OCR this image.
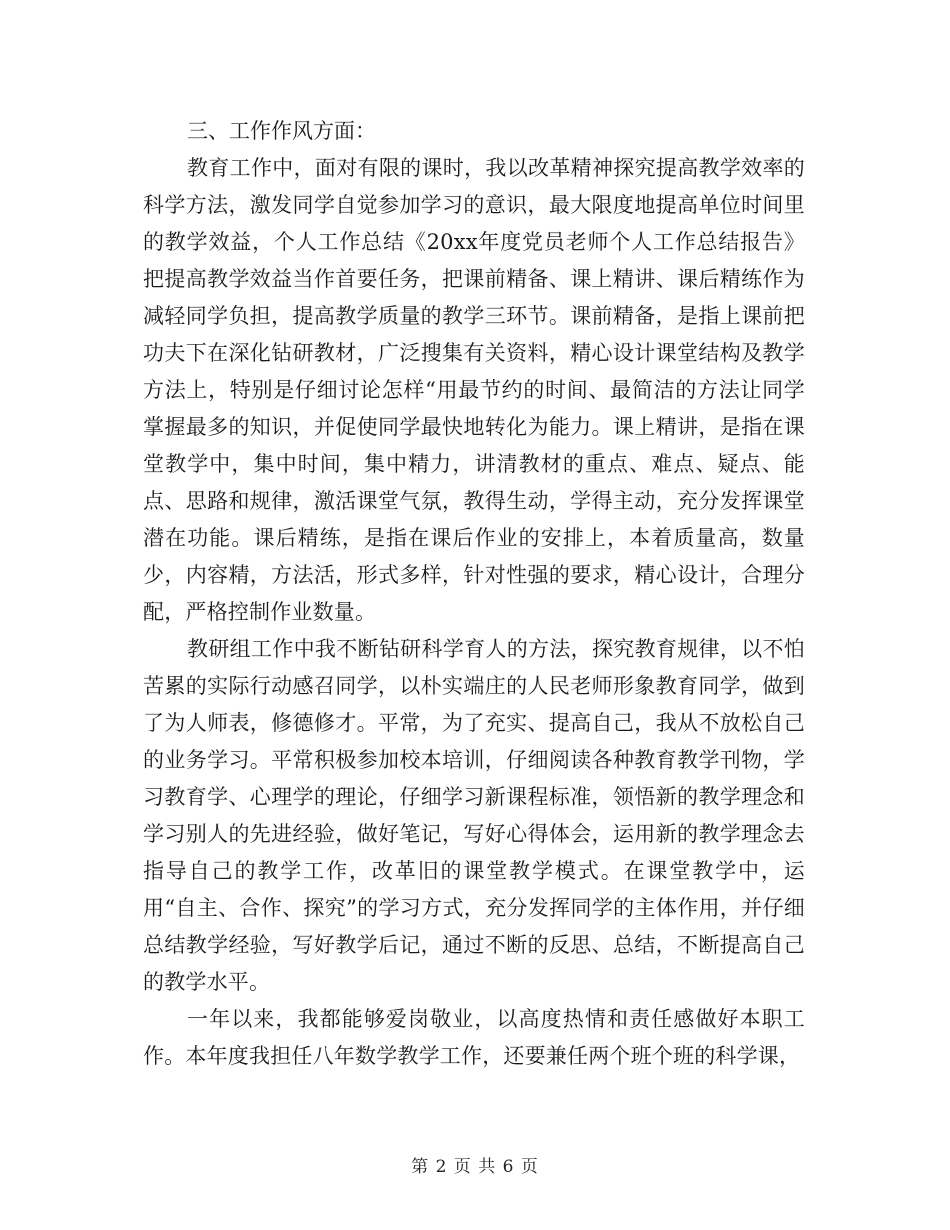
三、工作作风方面：

教育工作中，面对有限的课时，我以改革精神探究提高教学效率的科学方法，激发同学自觉参加学习的意识，最大限度地提高单位时间里的教学效益，个人工作总结《20xx年度党员老师个人工作总结报告》把提高教学效益当作首要任务，把课前精备、课上精讲、课后精练作为减轻同学负担，提高教学质量的教学三环节。课前精备，是指上课前把功夫下在深化钻研教材，广泛搜集有关资料，精心设计课堂结构及教学方法上，特别是仔细讨论怎样“用最节约的时间、最简洁的方法让同学掌握最多的知识，并促使同学最快地转化为能力。课上精讲，是指在课堂教学中，集中时间，集中精力，讲清教材的重点、难点、疑点、能点、思路和规律，激活课堂气氛，教得生动，学得主动，充分发挥课堂潜在功能。课后精练，是指在课后作业的安排上，本着质量高，数量少，内容精，方法活，形式多样，针对性强的要求，精心设计，合理分配，严格控制作业数量。

教研组工作中我不断钻研科学育人的方法，探究教育规律，以不怕苦累的实际行动感召同学，以朴实端庄的人民老师形象教育同学，做到了为人师表，修德修才。平常，为了充实、提高自己，我从不放松自己的业务学习。平常积极参加校本培训，仔细阅读各种教育教学刊物，学习教育学、心理学的理论，仔细学习新课程标准，领悟新的教学理念和学习别人的先进经验，做好笔记，写好心得体会，运用新的教学理念去指导自己的教学工作，改革旧的课堂教学模式。在课堂教学中，运用“自主、合作、探究”的学习方式，充分发挥同学的主体作用，并仔细总结教学经验，写好教学后记，通过不断的反思、总结，不断提高自己的教学水平。

一年以来，我都能够爱岗敬业，以高度热情和责任感做好本职工作。本年度我担任八年数学教学工作，还要兼任两个班个班的科学课，

第 2 页 共 6 页
